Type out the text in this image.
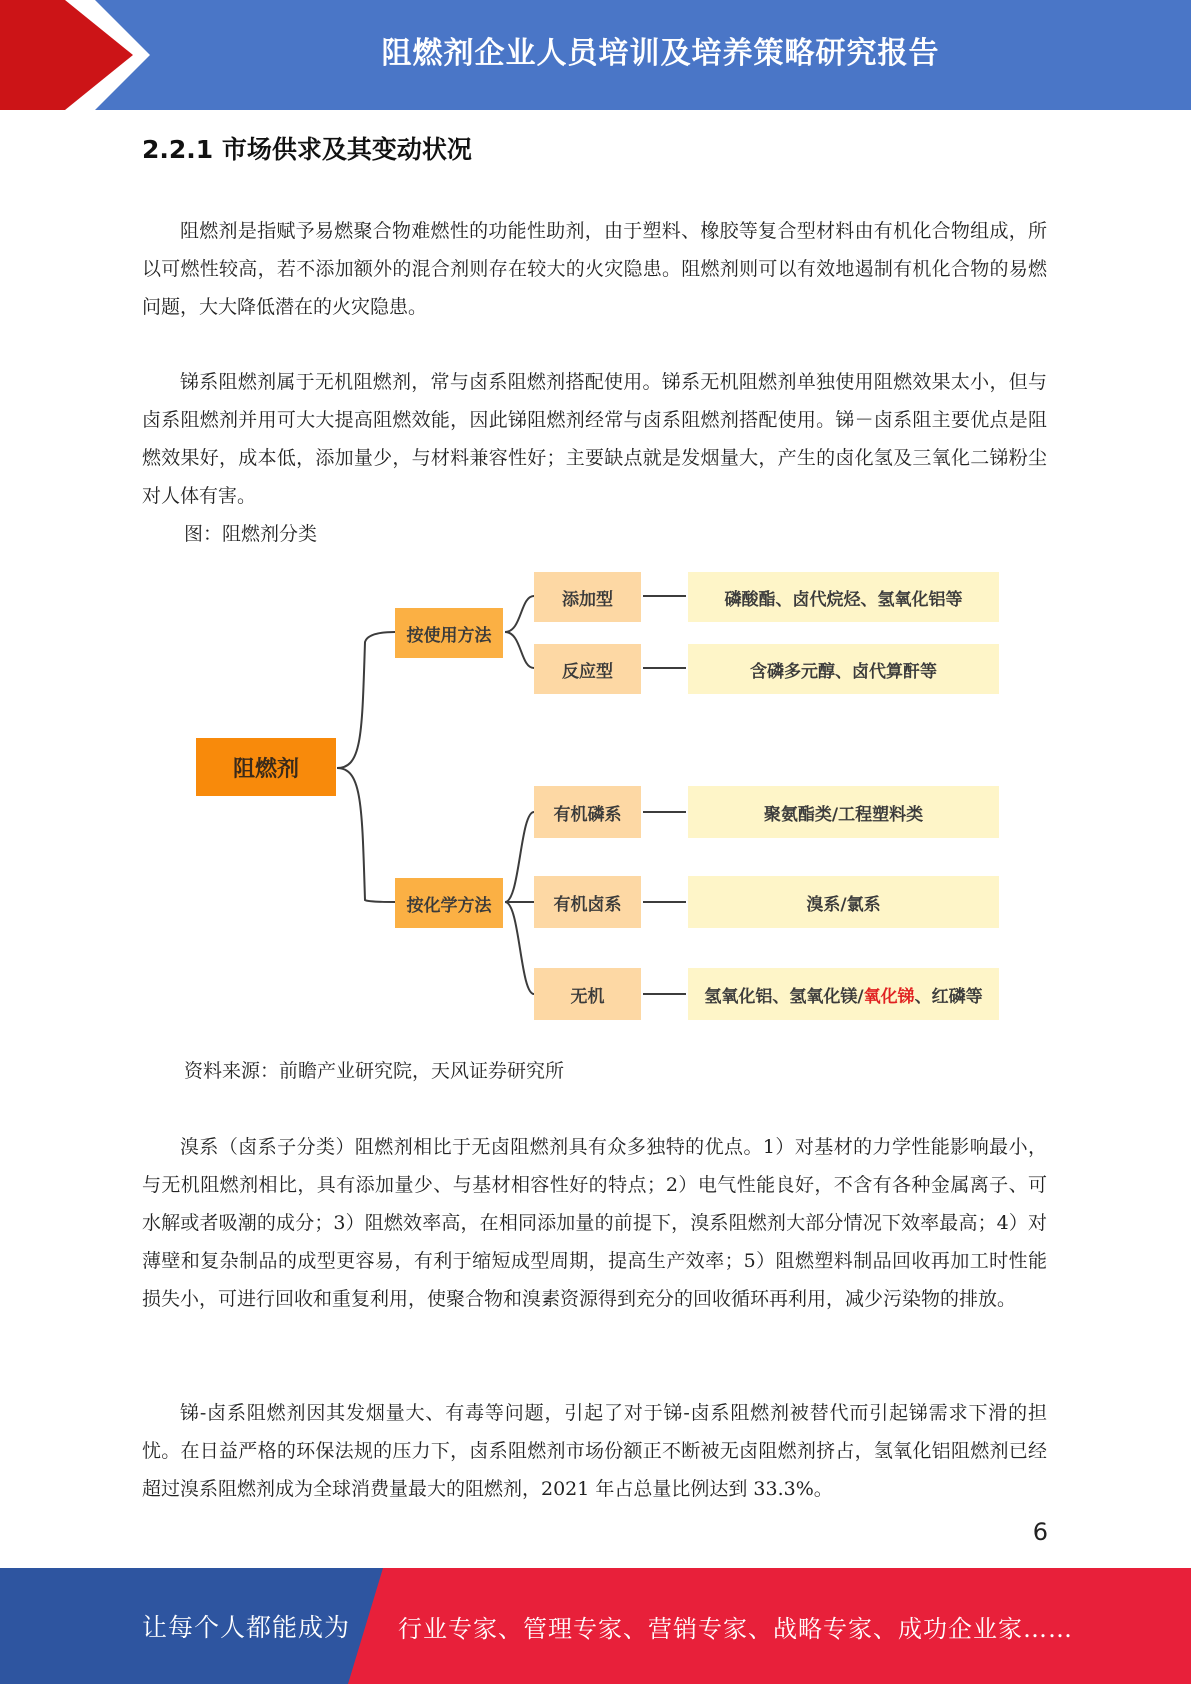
阻燃剂企业人员培训及培养策略研究报告
2.2.1 市场供求及其变动状况

阻燃剂是指赋予易燃聚合物难燃性的功能性助剂，由于塑料、橡胶等复合型材料由有机化合物组成，所以可燃性较高，若不添加额外的混合剂则存在较大的火灾隐患。阻燃剂则可以有效地遏制有机化合物的易燃问题，大大降低潜在的火灾隐患。

锑系阻燃剂属于无机阻燃剂，常与卤系阻燃剂搭配使用。锑系无机阻燃剂单独使用阻燃效果太小，但与卤系阻燃剂并用可大大提高阻燃效能，因此锑阻燃剂经常与卤系阻燃剂搭配使用。锑－卤系阻主要优点是阻燃效果好，成本低，添加量少，与材料兼容性好；主要缺点就是发烟量大，产生的卤化氢及三氧化二锑粉尘对人体有害。

图：阻燃剂分类

阻燃剂
按使用方法
按化学方法
添加型
反应型
有机磷系
有机卤系
无机
磷酸酯、卤代烷烃、氢氧化铝等
含磷多元醇、卤代算酐等
聚氨酯类/工程塑料类
溴系/氯系
氢氧化铝、氢氧化镁/ 氧化锑 、红磷等

资料来源：前瞻产业研究院，天风证券研究所

溴系（卤系子分类）阻燃剂相比于无卤阻燃剂具有众多独特的优点。1）对基材的力学性能影响最小，与无机阻燃剂相比，具有添加量少、与基材相容性好的特点；2）电气性能良好，不含有各种金属离子、可水解或者吸潮的成分；3）阻燃效率高，在相同添加量的前提下，溴系阻燃剂大部分情况下效率最高；4）对薄壁和复杂制品的成型更容易，有利于缩短成型周期，提高生产效率；5）阻燃塑料制品回收再加工时性能损失小，可进行回收和重复利用，使聚合物和溴素资源得到充分的回收循环再利用，减少污染物的排放。

锑-卤系阻燃剂因其发烟量大、有毒等问题，引起了对于锑-卤系阻燃剂被替代而引起锑需求下滑的担忧。在日益严格的环保法规的压力下，卤系阻燃剂市场份额正不断被无卤阻燃剂挤占，氢氧化铝阻燃剂已经超过溴系阻燃剂成为全球消费量最大的阻燃剂，2021 年占总量比例达到 33.3%。

6
让每个人都能成为 行业专家、管理专家、营销专家、战略专家、成功企业家……
